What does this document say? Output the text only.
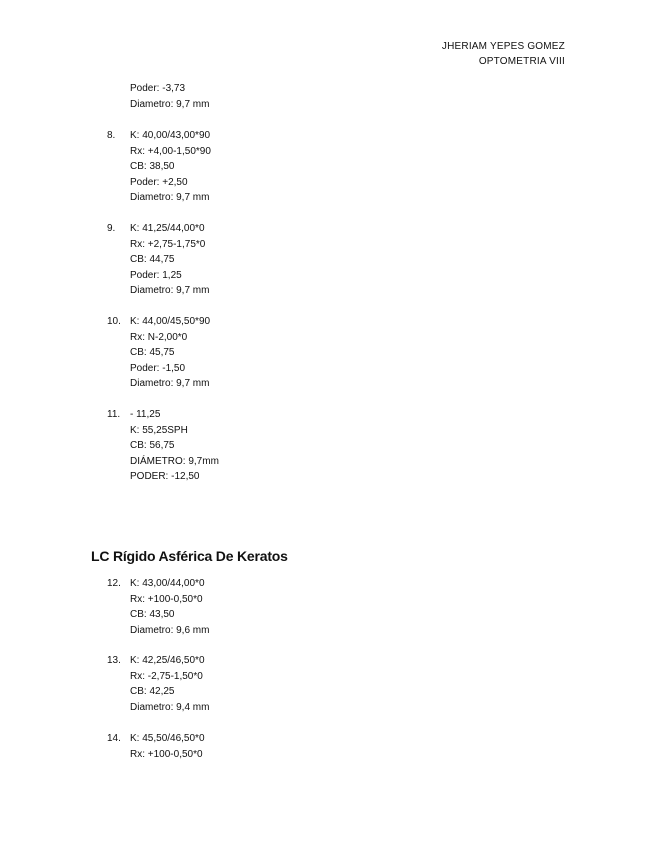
JHERIAM YEPES GOMEZ
OPTOMETRIA VIII
Poder: -3,73
Diametro: 9,7 mm
8.	K: 40,00/43,00*90
Rx: +4,00-1,50*90
CB: 38,50
Poder: +2,50
Diametro: 9,7 mm
9.	K: 41,25/44,00*0
Rx: +2,75-1,75*0
CB: 44,75
Poder: 1,25
Diametro: 9,7 mm
10. K: 44,00/45,50*90
Rx: N-2,00*0
CB: 45,75
Poder: -1,50
Diametro: 9,7 mm
11. - 11,25
K: 55,25SPH
CB: 56,75
DIÁMETRO: 9,7mm
PODER: -12,50
LC Rígido Asférica De Keratos
12. K: 43,00/44,00*0
Rx: +100-0,50*0
CB: 43,50
Diametro: 9,6 mm
13. K: 42,25/46,50*0
Rx: -2,75-1,50*0
CB: 42,25
Diametro: 9,4 mm
14. K: 45,50/46,50*0
Rx: +100-0,50*0
